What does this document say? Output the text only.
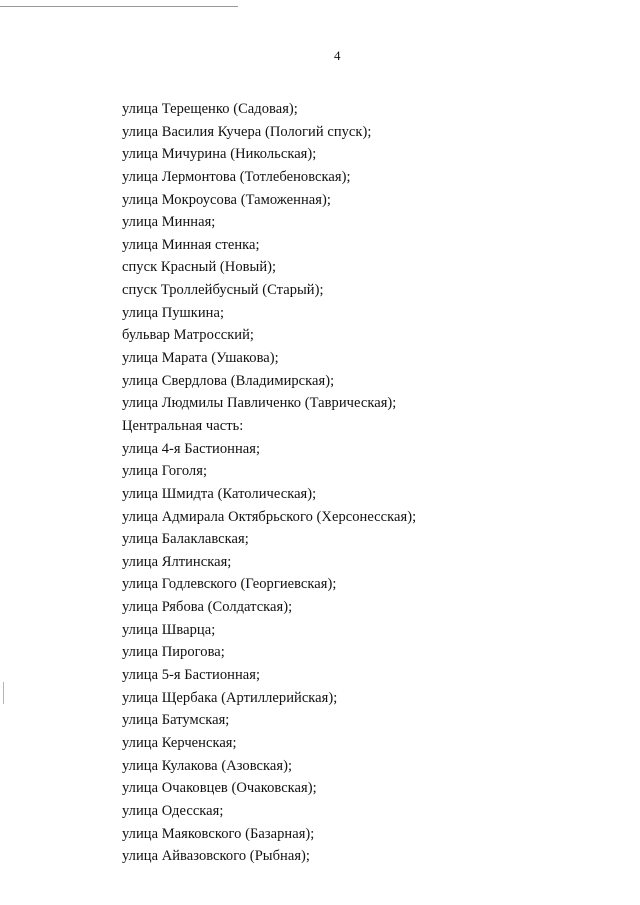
4
улица Терещенко (Садовая);
улица Василия Кучера (Пологий спуск);
улица Мичурина (Никольская);
улица Лермонтова (Тотлебеновская);
улица Мокроусова (Таможенная);
улица Минная;
улица Минная стенка;
спуск Красный (Новый);
спуск Троллейбусный (Старый);
улица Пушкина;
бульвар Матросский;
улица Марата (Ушакова);
улица Свердлова (Владимирская);
улица Людмилы Павличенко (Таврическая);
Центральная часть:
улица 4-я Бастионная;
улица Гоголя;
улица Шмидта (Католическая);
улица Адмирала Октябрьского (Херсонесская);
улица Балаклавская;
улица Ялтинская;
улица Годлевского (Георгиевская);
улица Рябова (Солдатская);
улица Шварца;
улица Пирогова;
улица 5-я Бастионная;
улица Щербака (Артиллерийская);
улица Батумская;
улица Керченская;
улица Кулакова (Азовская);
улица Очаковцев (Очаковская);
улица Одесская;
улица Маяковского (Базарная);
улица Айвазовского (Рыбная);
